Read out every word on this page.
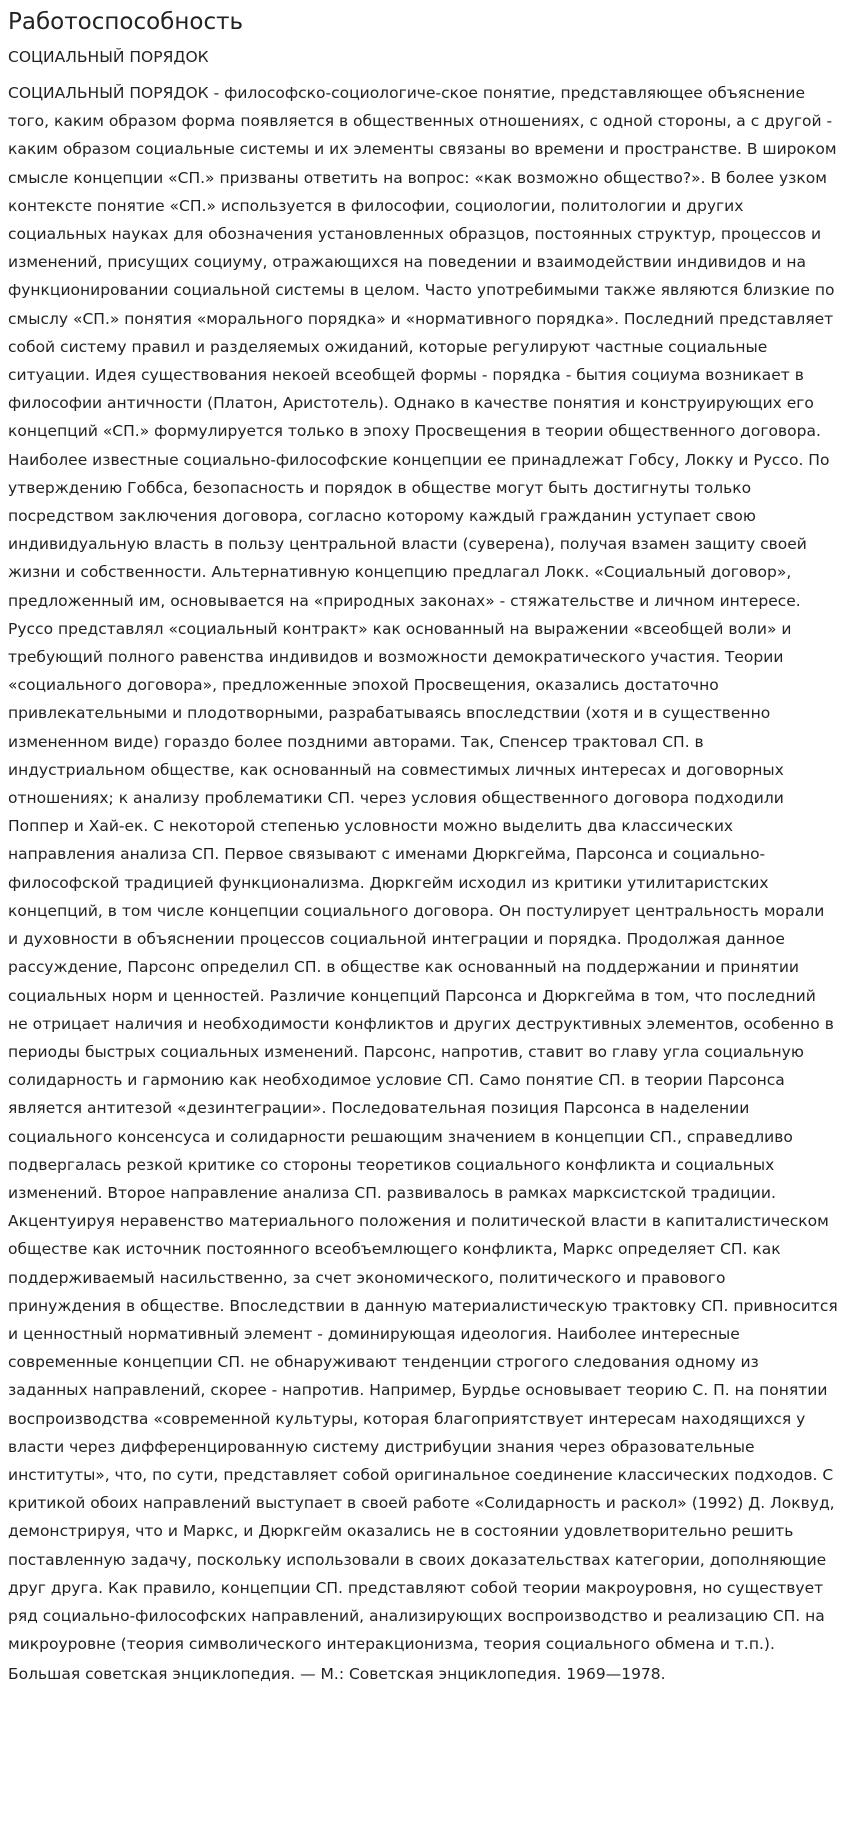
Работоспособность
СОЦИАЛЬНЫЙ ПОРЯДОК

СОЦИАЛЬНЫЙ ПОРЯДОК - философско-социологиче-ское понятие, представляющее объяснение того, каким образом форма появляется в общественных отношениях, с одной стороны, а с другой - каким образом социальные системы и их элементы связаны во времени и пространстве. В широком смысле концепции «СП.» призваны ответить на вопрос: «как возможно общество?». В более узком контексте понятие «СП.» используется в философии, социологии, политологии и других социальных науках для обозначения установленных образцов, постоянных структур, процессов и изменений, присущих социуму, отражающихся на поведении и взаимодействии индивидов и на функционировании социальной системы в целом. Часто употребимыми также являются близкие по смыслу «СП.» понятия «морального порядка» и «нормативного порядка». Последний представляет собой систему правил и разделяемых ожиданий, которые регулируют частные социальные ситуации. Идея существования некоей всеобщей формы - порядка - бытия социума возникает в философии античности (Платон, Аристотель). Однако в качестве понятия и конструирующих его концепций «СП.» формулируется только в эпоху Просвещения в теории общественного договора. Наиболее известные социально-философские концепции ее принадлежат Гобсу, Локку и Руссо. По утверждению Гоббса, безопасность и порядок в обществе могут быть достигнуты только посредством заключения договора, согласно которому каждый гражданин уступает свою индивидуальную власть в пользу центральной власти (суверена), получая взамен защиту своей жизни и собственности. Альтернативную концепцию предлагал Локк. «Социальный договор», предложенный им, основывается на «природных законах» - стяжательстве и личном интересе. Руссо представлял «социальный контракт» как основанный на выражении «всеобщей воли» и требующий полного равенства индивидов и возможности демократического участия. Теории «социального договора», предложенные эпохой Просвещения, оказались достаточно привлекательными и плодотворными, разрабатываясь впоследствии (хотя и в существенно измененном виде) гораздо более поздними авторами. Так, Спенсер трактовал СП. в индустриальном обществе, как основанный на совместимых личных интересах и договорных отношениях; к анализу проблематики СП. через условия общественного договора подходили Поппер и Хай-ек. С некоторой степенью условности можно выделить два классических направления анализа СП. Первое связывают с именами Дюркгейма, Парсонса и социально-философской традицией функционализма. Дюркгейм исходил из критики утилитаристских концепций, в том числе концепции социального договора. Он постулирует центральность морали и духовности в объяснении процессов социальной интеграции и порядка. Продолжая данное рассуждение, Парсонс определил СП. в обществе как основанный на поддержании и принятии социальных норм и ценностей. Различие концепций Парсонса и Дюркгейма в том, что последний не отрицает наличия и необходимости конфликтов и других деструктивных элементов, особенно в периоды быстрых социальных изменений. Парсонс, напротив, ставит во главу угла социальную солидарность и гармонию как необходимое условие СП. Само понятие СП. в теории Парсонса является антитезой «дезинтеграции». Последовательная позиция Парсонса в наделении социального консенсуса и солидарности решающим значением в концепции СП., справедливо подвергалась резкой критике со стороны теоретиков социального конфликта и социальных изменений. Второе направление анализа СП. развивалось в рамках марксистской традиции. Акцентуируя неравенство материального положения и политической власти в капиталистическом обществе как источник постоянного всеобъемлющего конфликта, Маркс определяет СП. как поддерживаемый насильственно, за счет экономического, политического и правового принуждения в обществе. Впоследствии в данную материалистическую трактовку СП. привносится и ценностный нормативный элемент - доминирующая идеология. Наиболее интересные современные концепции СП. не обнаруживают тенденции строгого следования одному из заданных направлений, скорее - напротив. Например, Бурдье основывает теорию С. П. на понятии воспроизводства «современной культуры, которая благоприятствует интересам находящихся у власти через дифференцированную систему дистрибуции знания через образовательные институты», что, по сути, представляет собой оригинальное соединение классических подходов. С критикой обоих направлений выступает в своей работе «Солидарность и раскол» (1992) Д. Локвуд, демонстрируя, что и Маркс, и Дюркгейм оказались не в состоянии удовлетворительно решить поставленную задачу, поскольку использовали в своих доказательствах категории, дополняющие друг друга. Как правило, концепции СП. представляют собой теории макроуровня, но существует ряд социально-философских направлений, анализирующих воспроизводство и реализацию СП. на микроуровне (теория символического интеракционизма, теория социального обмена и т.п.).

Большая советская энциклопедия. — М.: Советская энциклопедия. 1969—1978.
